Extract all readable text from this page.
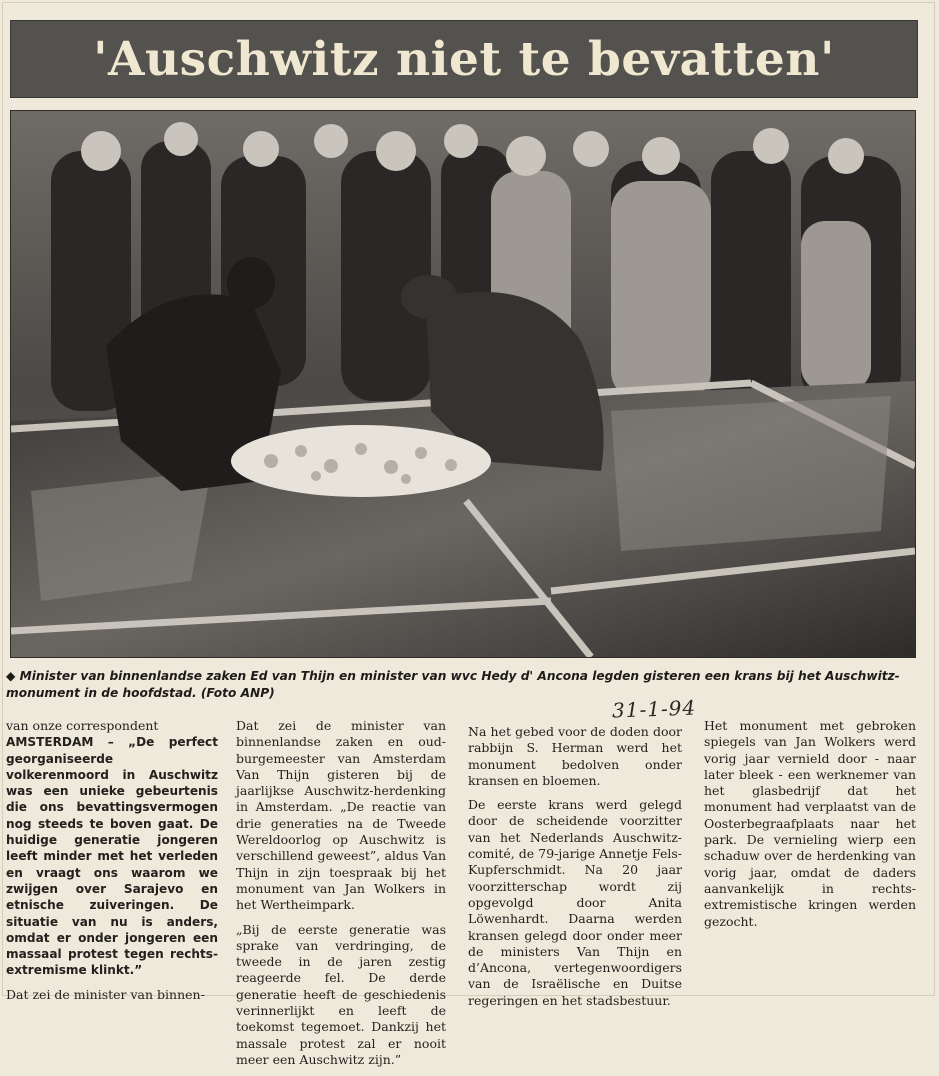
'Auschwitz niet te bevatten'

◆ Minister van binnenlandse zaken Ed van Thijn en minister van wvc Hedy d' Ancona legden gisteren een krans bij het Auschwitz-monument in de hoofdstad. (Foto ANP)

31-1-94

van onze correspondent

AMSTERDAM – „De perfect georganiseerde volkerenmoord in Auschwitz was een unieke gebeurtenis die ons bevattingsvermogen nog steeds te boven gaat. De huidige generatie jongeren leeft minder met het verleden en vraagt ons waarom we zwijgen over Sarajevo en etnische zuiveringen. De situatie van nu is anders, omdat er onder jongeren een massaal protest tegen rechts-extremisme klinkt.”

Dat zei de minister van binnen-

Dat zei de minister van binnenlandse zaken en oud-burgemeester van Amsterdam Van Thijn gisteren bij de jaarlijkse Auschwitz-herdenking in Amsterdam. „De reactie van drie generaties na de Tweede Wereldoorlog op Auschwitz is verschillend geweest”, aldus Van Thijn in zijn toespraak bij het monument van Jan Wolkers in het Wertheimpark.

„Bij de eerste generatie was sprake van verdringing, de tweede in de jaren zestig reageerde fel. De derde generatie heeft de geschiedenis verinnerlijkt en leeft de toekomst tegemoet. Dankzij het massale protest zal er nooit meer een Auschwitz zijn.”

Na het gebed voor de doden door rabbijn S. Herman werd het monument bedolven onder kransen en bloemen.

De eerste krans werd gelegd door de scheidende voorzitter van het Nederlands Auschwitz-comité, de 79-jarige Annetje Fels-Kupferschmidt. Na 20 jaar voorzitterschap wordt zij opgevolgd door Anita Löwenhardt. Daarna werden kransen gelegd door onder meer de ministers Van Thijn en d’Ancona, vertegenwoordigers van de Israëlische en Duitse regeringen en het stadsbestuur.

Het monument met gebroken spiegels van Jan Wolkers werd vorig jaar vernield door - naar later bleek - een werknemer van het glasbedrijf dat het monument had verplaatst van de Oosterbegraafplaats naar het park. De vernieling wierp een schaduw over de herdenking van vorig jaar, omdat de daders aanvankelijk in rechts-extremistische kringen werden gezocht.
